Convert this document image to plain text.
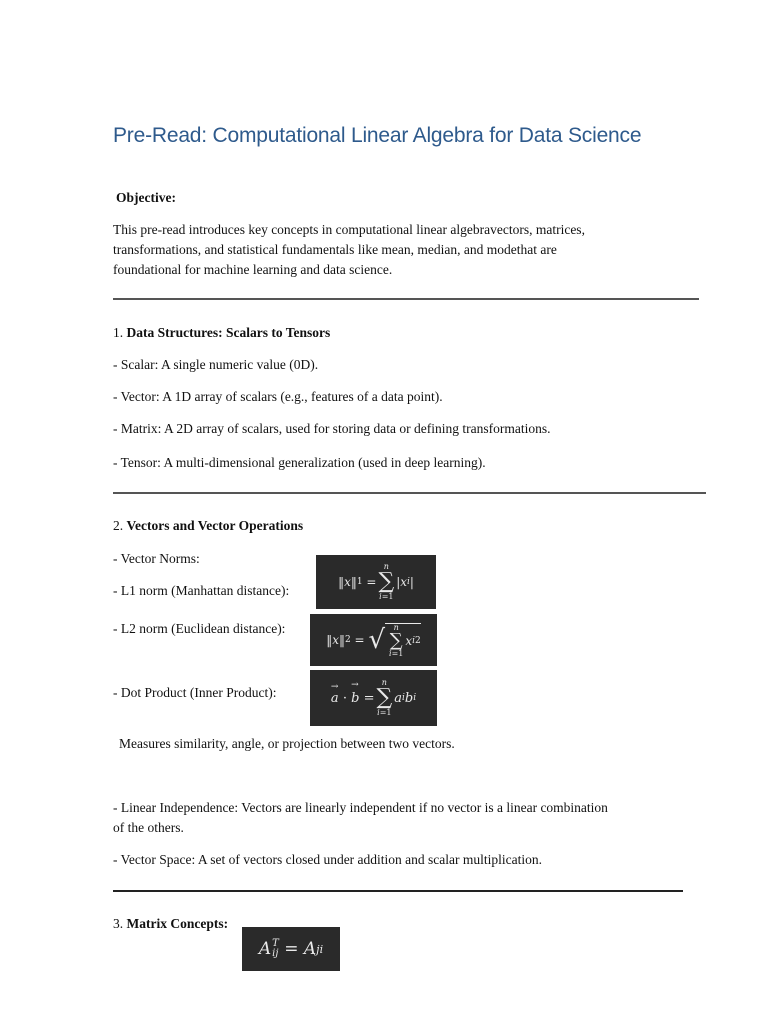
Pre-Read: Computational Linear Algebra for Data Science
Objective:
This pre-read introduces key concepts in computational linear algebravectors, matrices,
transformations, and statistical fundamentals like mean, median, and modethat are
foundational for machine learning and data science.
1. Data Structures: Scalars to Tensors
- Scalar: A single numeric value (0D).
- Vector: A 1D array of scalars (e.g., features of a data point).
- Matrix: A 2D array of scalars, used for storing data or defining transformations.
- Tensor: A multi-dimensional generalization (used in deep learning).
2. Vectors and Vector Operations
- Vector Norms:
- L1 norm (Manhattan distance):
- L2 norm (Euclidean distance):
- Dot Product (Inner Product):
‖ x ‖ 1
=
n
∑
i=1
|x i |
‖ x ‖ 2
=
√ n
∑
i=1
x i 2
a
→

·
b
→

=
n
∑
i=1
a i b i
Measures similarity, angle, or projection between two vectors.
- Linear Independence: Vectors are linearly independent if no vector is a linear combination
of the others.
- Vector Space: A set of vectors closed under addition and scalar multiplication.
3. Matrix Concepts:
A T
ij
= A ji
